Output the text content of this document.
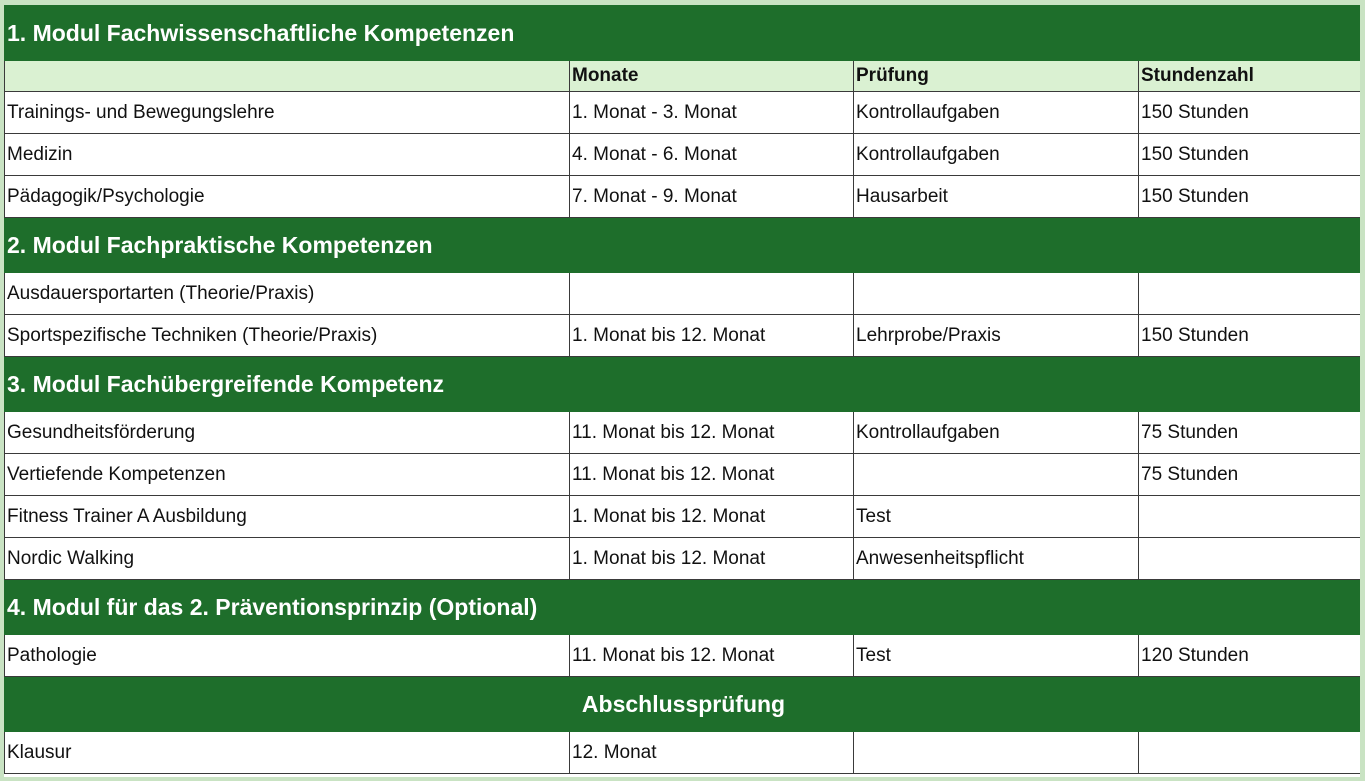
1. Modul Fachwissenschaftliche Kompetenzen			
	Monate	Prüfung	Stundenzahl
Trainings- und Bewegungslehre	1. Monat - 3. Monat	Kontrollaufgaben	150 Stunden
Medizin	4. Monat - 6. Monat	Kontrollaufgaben	150 Stunden
Pädagogik/Psychologie	7. Monat - 9. Monat	Hausarbeit	150 Stunden
2. Modul Fachpraktische Kompetenzen			
Ausdauersportarten (Theorie/Praxis)			
Sportspezifische Techniken (Theorie/Praxis)	1. Monat bis 12. Monat	Lehrprobe/Praxis	150 Stunden
3. Modul Fachübergreifende Kompetenz			
Gesundheitsförderung	11. Monat bis 12. Monat	Kontrollaufgaben	75 Stunden
Vertiefende Kompetenzen	11. Monat bis 12. Monat		75 Stunden
Fitness Trainer A Ausbildung	1. Monat bis 12. Monat	Test	
Nordic Walking	1. Monat bis 12. Monat	Anwesenheitspflicht	
4. Modul für das 2. Präventionsprinzip (Optional)			
Pathologie	11. Monat bis 12. Monat	Test	120 Stunden
Abschlussprüfung			
Klausur	12. Monat		
